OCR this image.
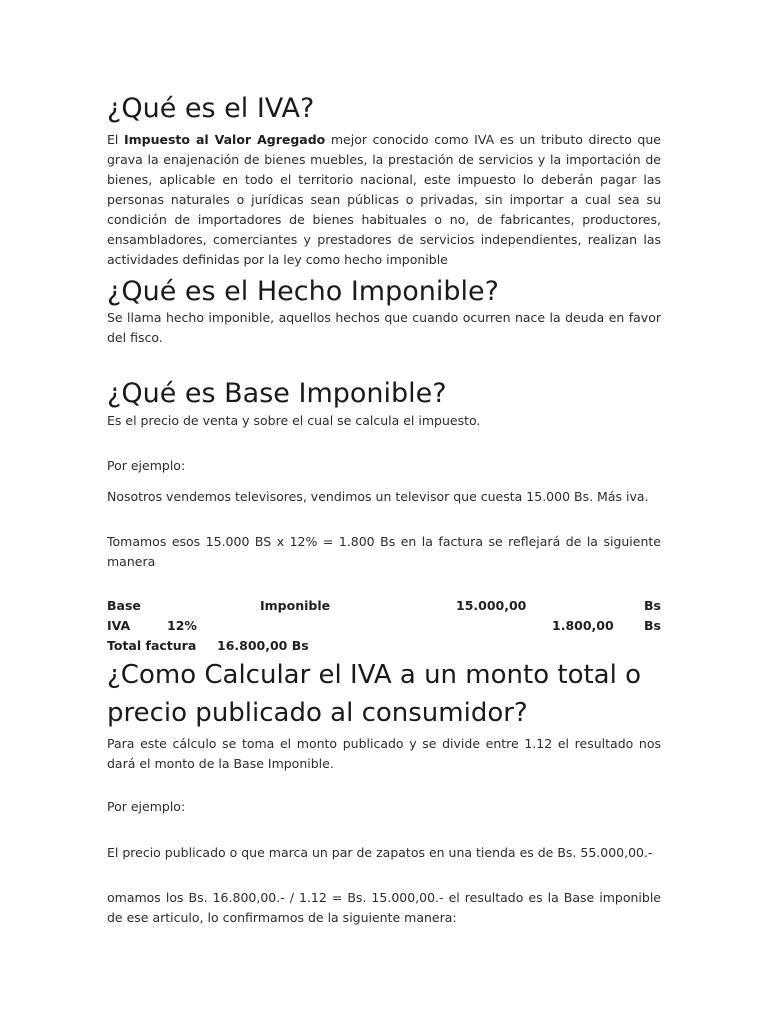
¿Qué es el IVA?

El Impuesto al Valor Agregado mejor conocido como IVA es un tributo directo que grava la enajenación de bienes muebles, la prestación de servicios y la importación de bienes, aplicable en todo el territorio nacional, este impuesto lo deberán pagar las personas naturales o jurídicas sean públicas o privadas, sin importar a cual sea su condición de importadores de bienes habituales o no, de fabricantes, productores, ensambladores, comerciantes y prestadores de servicios independientes, realizan las actividades definidas por la ley como hecho imponible

¿Qué es el Hecho Imponible?

Se llama hecho imponible, aquellos hechos que cuando ocurren nace la deuda en favor del fisco.

¿Qué es Base Imponible?

Es el precio de venta y sobre el cual se calcula el impuesto.

Por ejemplo:

Nosotros vendemos televisores, vendimos un televisor que cuesta 15.000 Bs. Más iva.

Tomamos esos 15.000 BS x 12% = 1.800 Bs en la factura se reflejará de la siguiente manera

Base	Imponible	15.000,00	Bs
IVA	12%	1.800,00 Bs
Total factura 16.800,00 Bs
¿Como Calcular el IVA a un monto total o precio publicado al consumidor?

Para este cálculo se toma el monto publicado y se divide entre 1.12 el resultado nos dará el monto de la Base Imponible.

Por ejemplo:

El precio publicado o que marca un par de zapatos en una tienda es de Bs. 55.000,00.-

omamos los Bs. 16.800,00.- / 1.12 = Bs. 15.000,00.- el resultado es la Base imponible de ese articulo, lo confirmamos de la siguiente manera:
